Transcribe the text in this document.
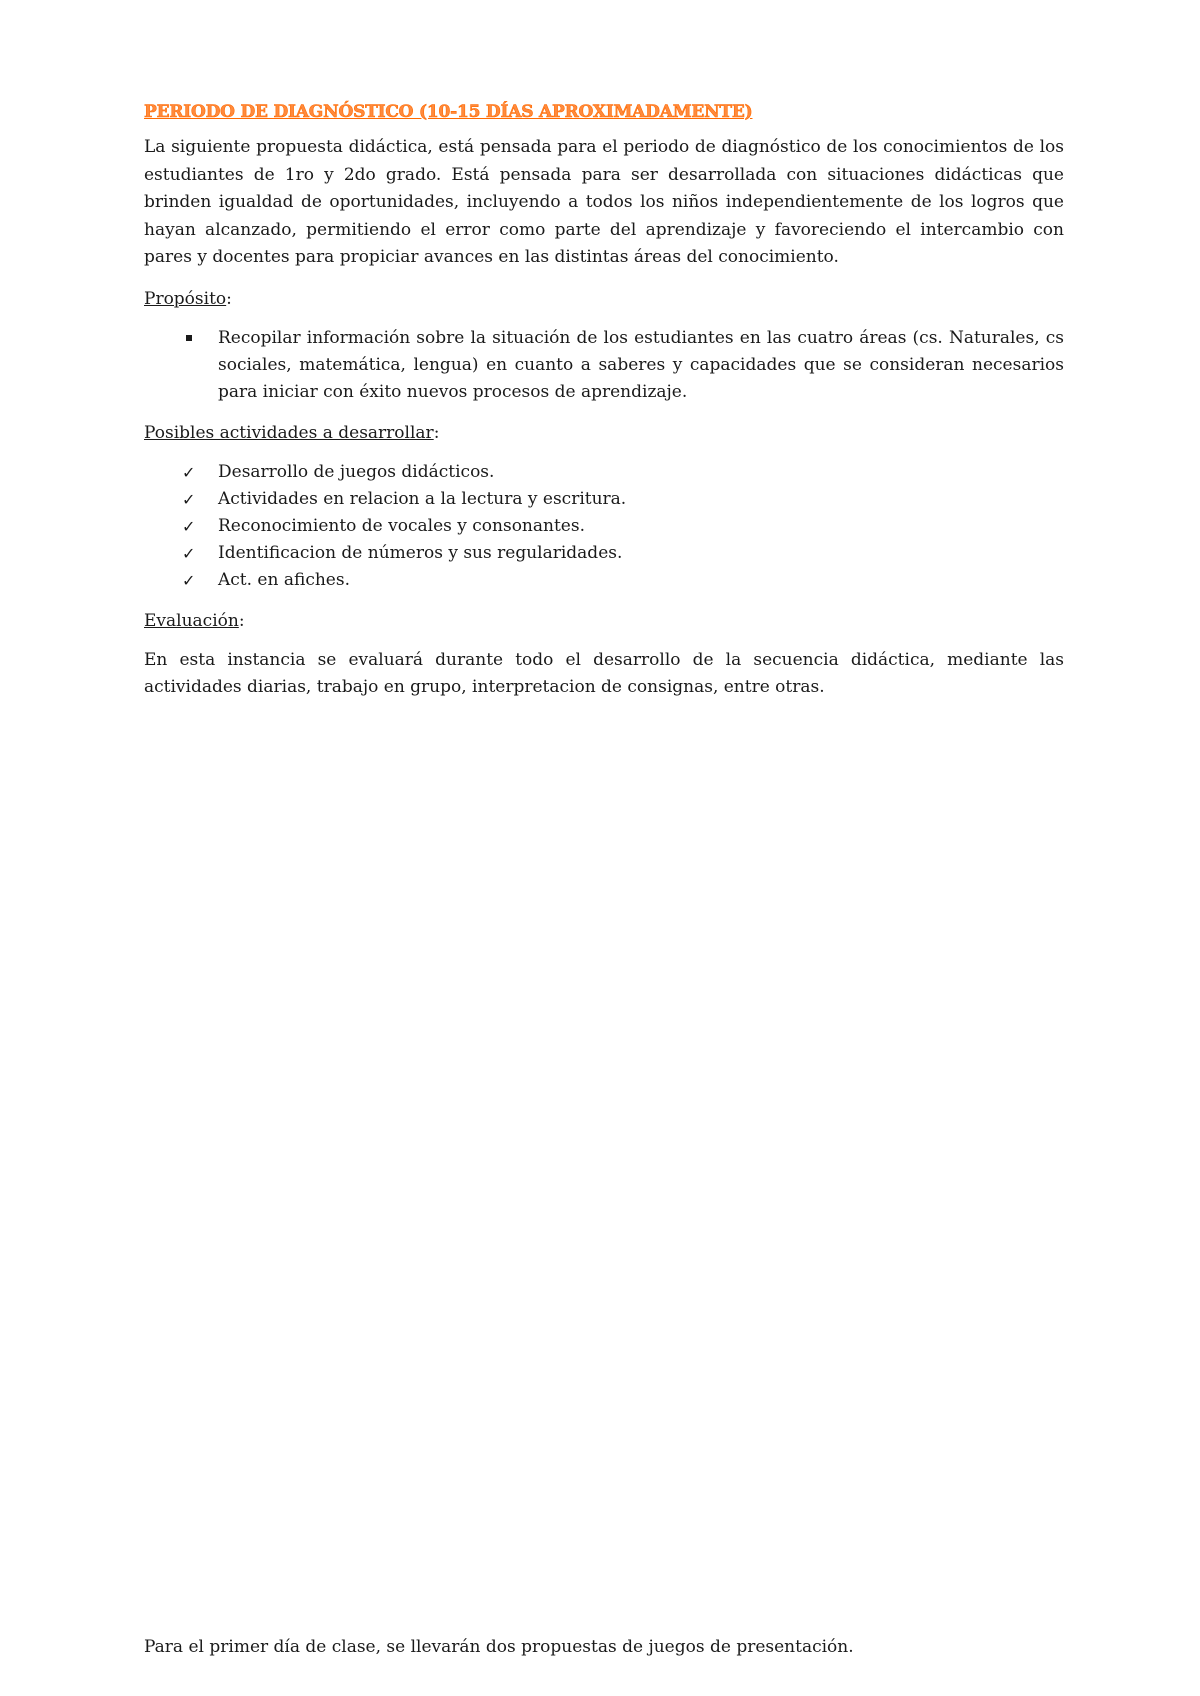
PERIODO DE DIAGNÓSTICO (10-15 DÍAS APROXIMADAMENTE)

La siguiente propuesta didáctica, está pensada para el periodo de diagnóstico de los conocimientos de los estudiantes de 1ro y 2do grado. Está pensada para ser desarrollada con situaciones didácticas que brinden igualdad de oportunidades, incluyendo a todos los niños independientemente de los logros que hayan alcanzado, permitiendo el error como parte del aprendizaje y favoreciendo el intercambio con pares y docentes para propiciar avances en las distintas áreas del conocimiento.

Propósito:
Recopilar información sobre la situación de los estudiantes en las cuatro áreas (cs. Naturales, cs sociales, matemática, lengua) en cuanto a saberes y capacidades que se consideran necesarios para iniciar con éxito nuevos procesos de aprendizaje.
Posibles actividades a desarrollar:
✓ Desarrollo de juegos didácticos.
✓ Actividades en relacion a la lectura y escritura.
✓ Reconocimiento de vocales y consonantes.
✓ Identificacion de números y sus regularidades.
✓ Act. en afiches.
Evaluación:

En esta instancia se evaluará durante todo el desarrollo de la secuencia didáctica, mediante las actividades diarias, trabajo en grupo, interpretacion de consignas, entre otras.

Para el primer día de clase, se llevarán dos propuestas de juegos de presentación.
